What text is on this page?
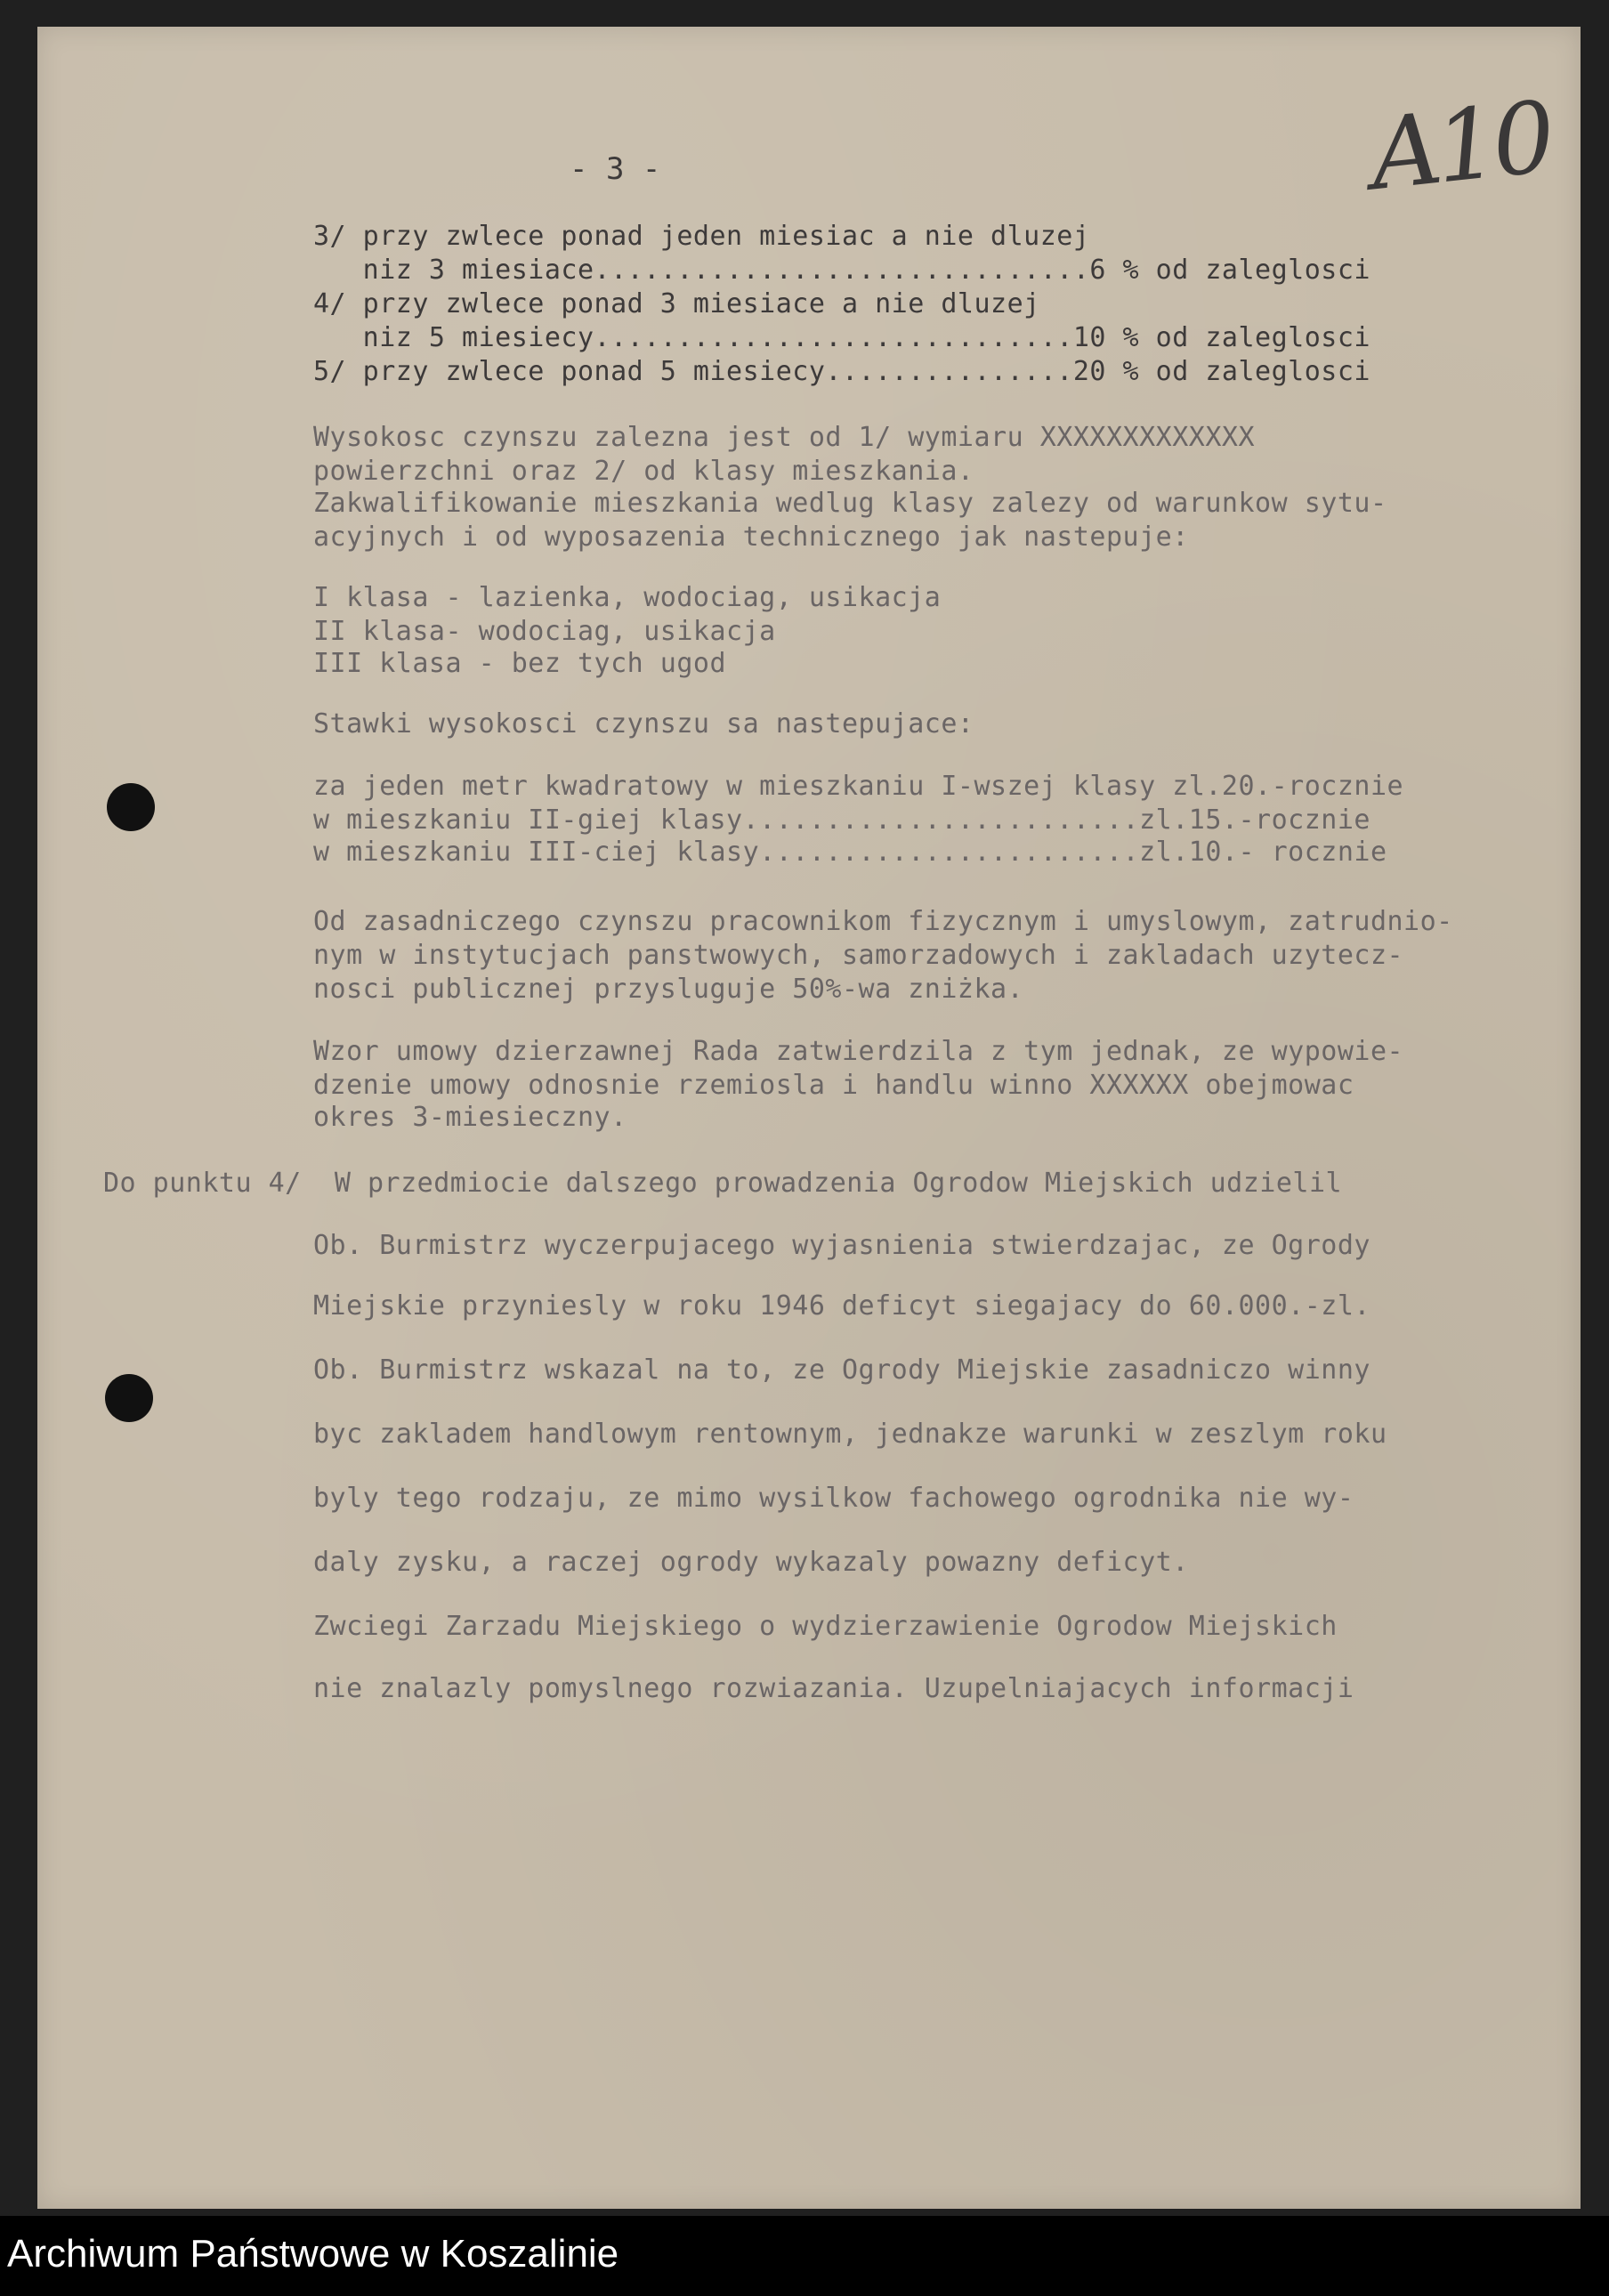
A10
- 3 -
3/ przy zwlece ponad jeden miesiac a nie dluzej
niz 3 miesiace..............................6 % od zaleglosci
4/ przy zwlece ponad 3 miesiace a nie dluzej
niz 5 miesiecy.............................10 % od zaleglosci
5/ przy zwlece ponad 5 miesiecy...............20 % od zaleglosci
Wysokosc czynszu zalezna jest od 1/ wymiaru XXXXXXXXXXXXX
powierzchni oraz 2/ od klasy mieszkania.
Zakwalifikowanie mieszkania wedlug klasy zalezy od warunkow sytu-
acyjnych i od wyposazenia technicznego jak nastepuje:
I klasa - lazienka, wodociag, usikacja
II klasa- wodociag, usikacja
III klasa - bez tych ugod
Stawki wysokosci czynszu sa nastepujace:
za jeden metr kwadratowy w mieszkaniu I-wszej klasy zl.20.-rocznie
w mieszkaniu II-giej klasy........................zl.15.-rocznie
w mieszkaniu III-ciej klasy.......................zl.10.- rocznie
Od zasadniczego czynszu pracownikom fizycznym i umyslowym, zatrudnio-
nym w instytucjach panstwowych, samorzadowych i zakladach uzytecz-
nosci publicznej przysluguje 50%-wa zniżka.
Wzor umowy dzierzawnej Rada zatwierdzila z tym jednak, ze wypowie-
dzenie umowy odnosnie rzemiosla i handlu winno XXXXXX obejmowac
okres 3-miesieczny.
Do punktu 4/  W przedmiocie dalszego prowadzenia Ogrodow Miejskich udzielil
Ob. Burmistrz wyczerpujacego wyjasnienia stwierdzajac, ze Ogrody
Miejskie przyniesly w roku 1946 deficyt siegajacy do 60.000.-zl.
Ob. Burmistrz wskazal na to, ze Ogrody Miejskie zasadniczo winny
byc zakladem handlowym rentownym, jednakze warunki w zeszlym roku
byly tego rodzaju, ze mimo wysilkow fachowego ogrodnika nie wy-
daly zysku, a raczej ogrody wykazaly powazny deficyt.
Zwciegi Zarzadu Miejskiego o wydzierzawienie Ogrodow Miejskich
nie znalazly pomyslnego rozwiazania. Uzupelniajacych informacji
Archiwum Państwowe w Koszalinie
